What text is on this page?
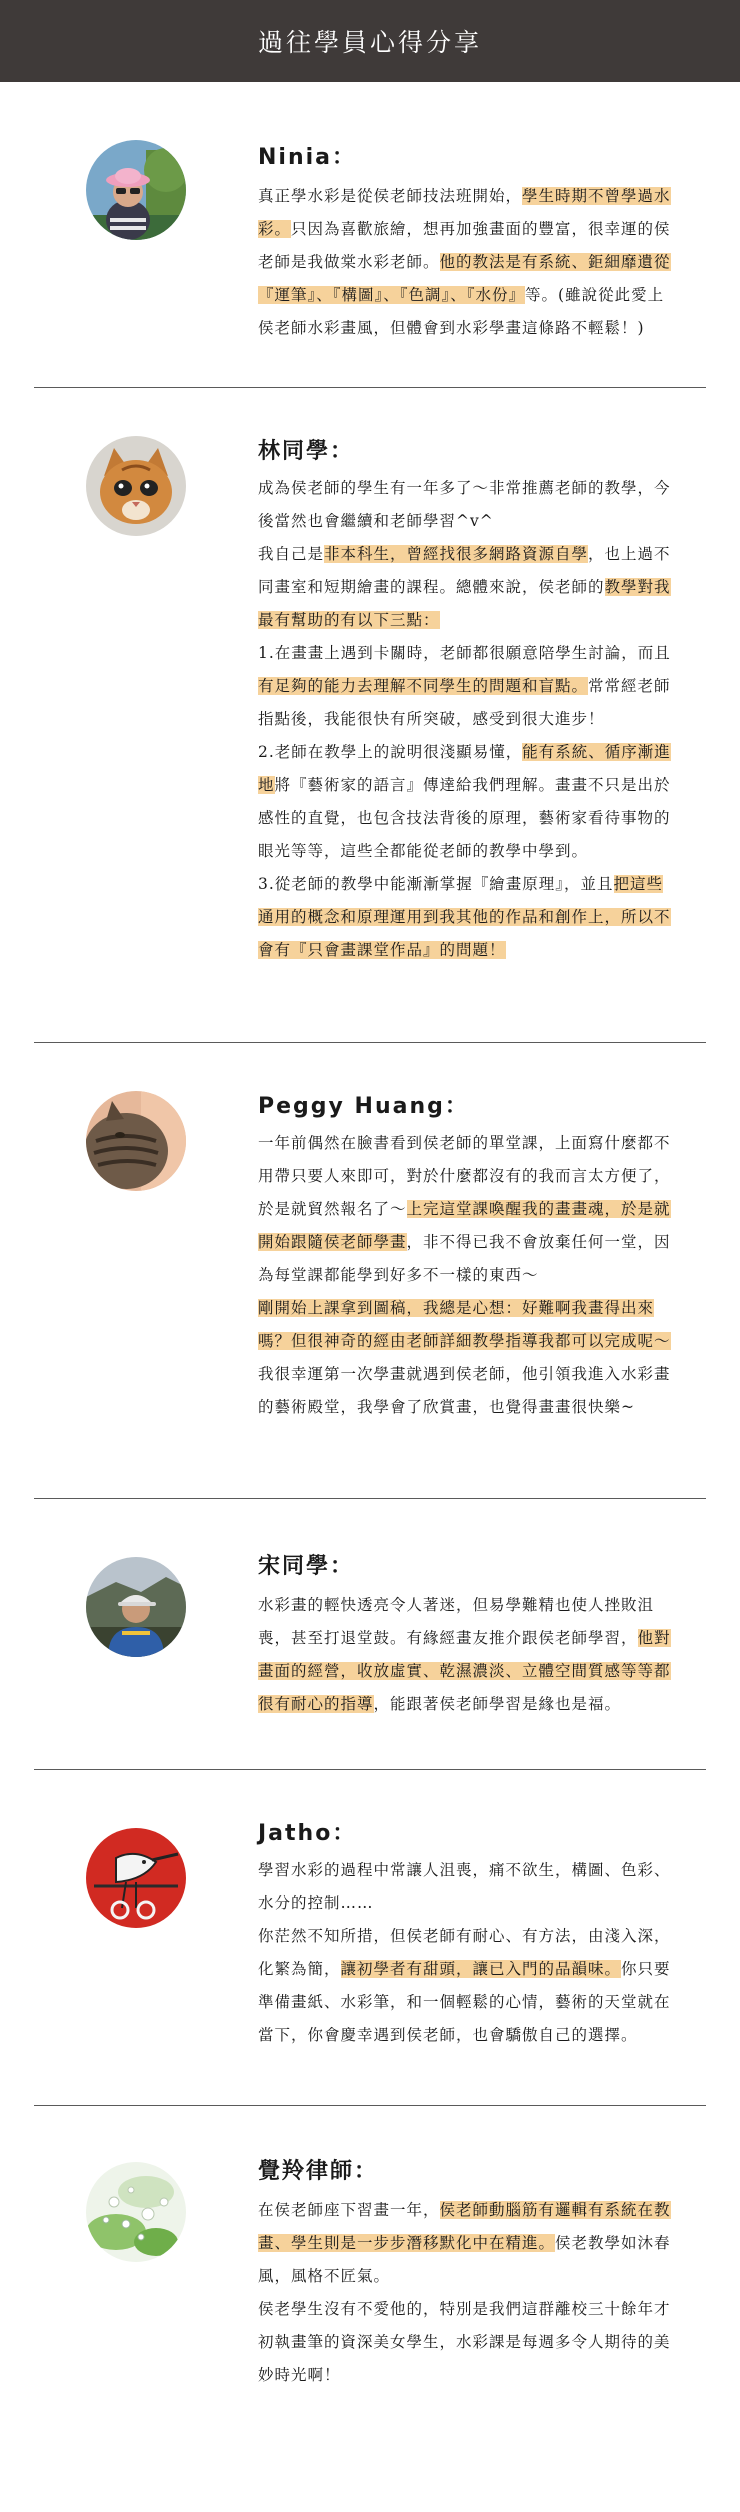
過往學員心得分享
Ninia：

真正學水彩是從侯老師技法班開始，學生時期不曾學過水彩。只因為喜歡旅繪，想再加強畫面的豐富，很幸運的侯老師是我做棠水彩老師。他的教法是有系統、鉅細靡遺從『運筆』、『構圖』、『色調』、『水份』等。(雖說從此愛上侯老師水彩畫風，但體會到水彩學畫這條路不輕鬆！)

林同學：

成為侯老師的學生有一年多了～非常推薦老師的教學，今後當然也會繼續和老師學習^v^

我自己是非本科生，曾經找很多網路資源自學，也上過不同畫室和短期繪畫的課程。總體來說，侯老師的教學對我最有幫助的有以下三點：

1.在畫畫上遇到卡關時，老師都很願意陪學生討論，而且有足夠的能力去理解不同學生的問題和盲點。常常經老師指點後，我能很快有所突破，感受到很大進步！

2.老師在教學上的說明很淺顯易懂，能有系統、循序漸進地將『藝術家的語言』傳達給我們理解。畫畫不只是出於感性的直覺，也包含技法背後的原理，藝術家看待事物的眼光等等，這些全都能從老師的教學中學到。

3.從老師的教學中能漸漸掌握『繪畫原理』，並且把這些通用的概念和原理運用到我其他的作品和創作上，所以不會有『只會畫課堂作品』的問題！

Peggy Huang：

一年前偶然在臉書看到侯老師的單堂課，上面寫什麼都不用帶只要人來即可，對於什麼都沒有的我而言太方便了，於是就貿然報名了～上完這堂課喚醒我的畫畫魂，於是就開始跟隨侯老師學畫，非不得已我不會放棄任何一堂，因為每堂課都能學到好多不一樣的東西～

剛開始上課拿到圖稿，我總是心想：好難啊我畫得出來嗎？但很神奇的經由老師詳細教學指導我都可以完成呢～我很幸運第一次學畫就遇到侯老師，他引領我進入水彩畫的藝術殿堂，我學會了欣賞畫，也覺得畫畫很快樂~

宋同學：

水彩畫的輕快透亮令人著迷，但易學難精也使人挫敗沮喪，甚至打退堂鼓。有緣經畫友推介跟侯老師學習，他對畫面的經營，收放虛實、乾濕濃淡、立體空間質感等等都很有耐心的指導，能跟著侯老師學習是緣也是福。

Jatho：

學習水彩的過程中常讓人沮喪，痛不欲生，構圖、色彩、水分的控制……

你茫然不知所措，但侯老師有耐心、有方法，由淺入深，化繁為簡，讓初學者有甜頭，讓已入門的品韻味。你只要準備畫紙、水彩筆，和一個輕鬆的心情，藝術的天堂就在當下，你會慶幸遇到侯老師，也會驕傲自己的選擇。

覺羚律師：

在侯老師座下習畫一年，侯老師動腦筋有邏輯有系統在教畫、學生則是一步步潛移默化中在精進。侯老教學如沐春風，風格不匠氣。

侯老學生沒有不愛他的，特別是我們這群離校三十餘年才初執畫筆的資深美女學生，水彩課是每週多令人期待的美妙時光啊！
